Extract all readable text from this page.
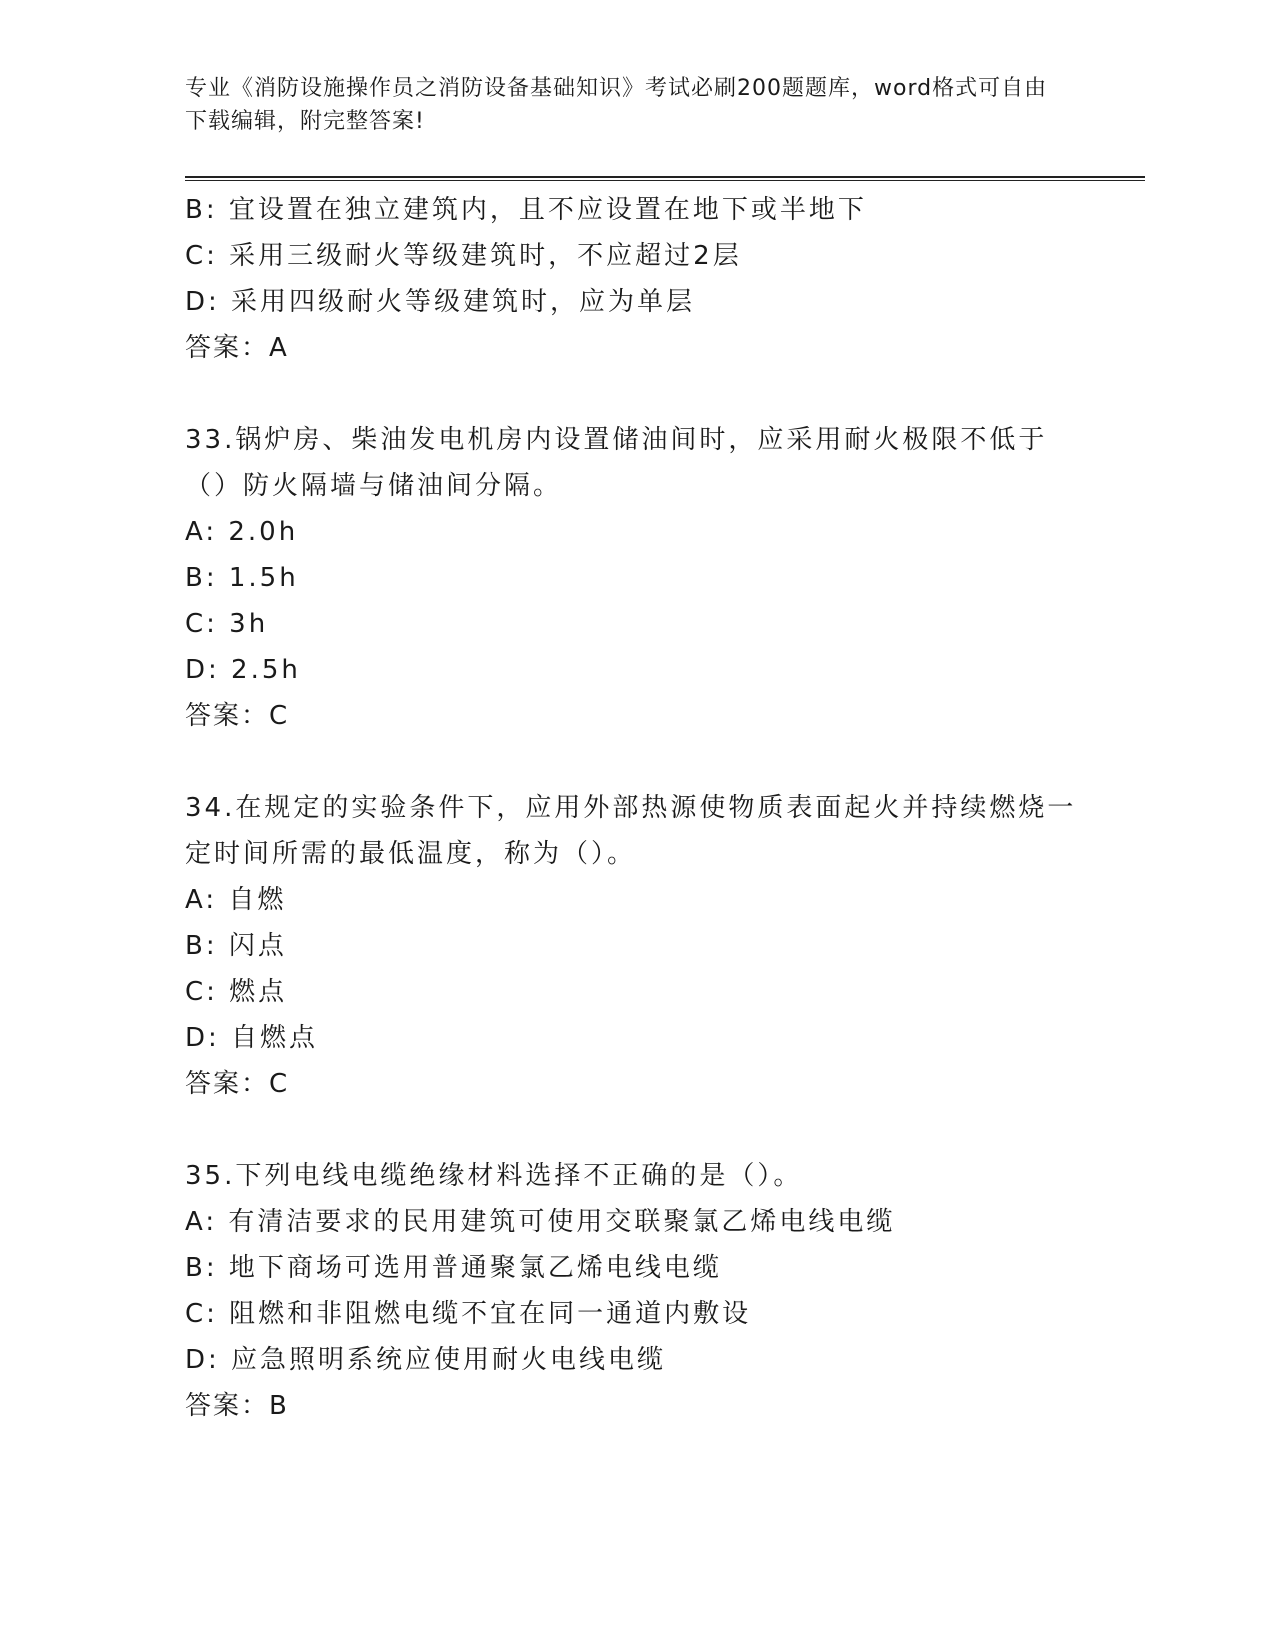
专业《消防设施操作员之消防设备基础知识》考试必刷200题题库，word格式可自由下载编辑，附完整答案!
B: 宜设置在独立建筑内，且不应设置在地下或半地下
C: 采用三级耐火等级建筑时，不应超过2层
D: 采用四级耐火等级建筑时，应为单层
答案：A
33.锅炉房、柴油发电机房内设置储油间时，应采用耐火极限不低于（）防火隔墙与储油间分隔。
A: 2.0h
B: 1.5h
C: 3h
D: 2.5h
答案：C
34.在规定的实验条件下，应用外部热源使物质表面起火并持续燃烧一定时间所需的最低温度，称为（）。
A: 自燃
B: 闪点
C: 燃点
D: 自燃点
答案：C
35.下列电线电缆绝缘材料选择不正确的是（）。
A: 有清洁要求的民用建筑可使用交联聚氯乙烯电线电缆
B: 地下商场可选用普通聚氯乙烯电线电缆
C: 阻燃和非阻燃电缆不宜在同一通道内敷设
D: 应急照明系统应使用耐火电线电缆
答案：B
